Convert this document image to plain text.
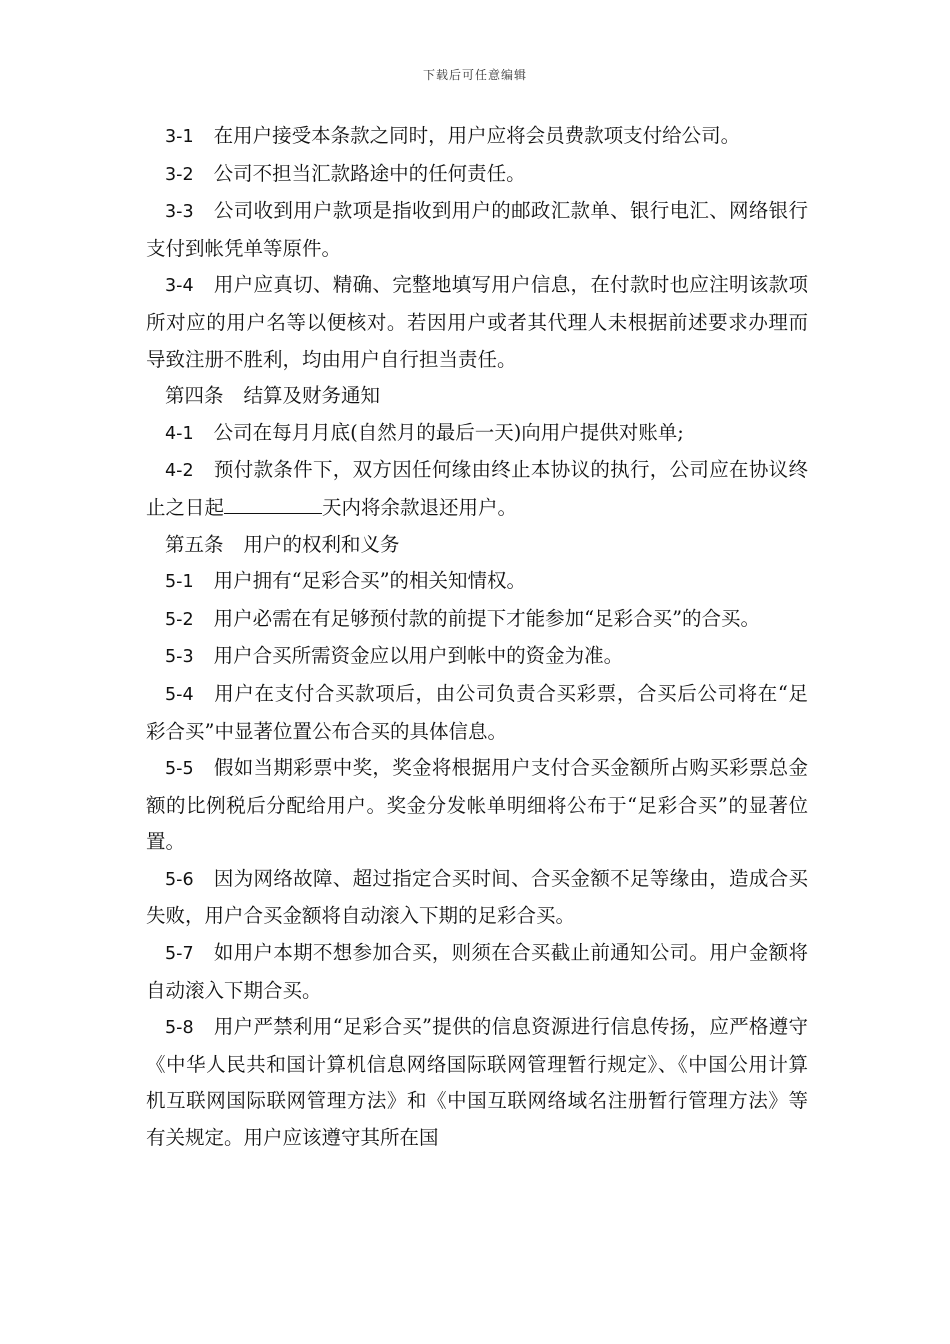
下载后可任意编辑

3-1 在用户接受本条款之同时，用户应将会员费款项支付给公司。

3-2 公司不担当汇款路途中的任何责任。

3-3 公司收到用户款项是指收到用户的邮政汇款单、银行电汇、网络银行支付到帐凭单等原件。

3-4 用户应真切、精确、完整地填写用户信息，在付款时也应注明该款项所对应的用户名等以便核对。若因用户或者其代理人未根据前述要求办理而导致注册不胜利，均由用户自行担当责任。

第四条 结算及财务通知

4-1 公司在每月月底(自然月的最后一天)向用户提供对账单;

4-2 预付款条件下，双方因任何缘由终止本协议的执行，公司应在协议终止之日起	天内将余款退还用户。

第五条 用户的权利和义务

5-1 用户拥有“足彩合买”的相关知情权。

5-2 用户必需在有足够预付款的前提下才能参加“足彩合买”的合买。

5-3 用户合买所需资金应以用户到帐中的资金为准。

5-4 用户在支付合买款项后，由公司负责合买彩票，合买后公司将在“足彩合买”中显著位置公布合买的具体信息。

5-5 假如当期彩票中奖，奖金将根据用户支付合买金额所占购买彩票总金额的比例税后分配给用户。奖金分发帐单明细将公布于“足彩合买”的显著位置。

5-6 因为网络故障、超过指定合买时间、合买金额不足等缘由，造成合买失败，用户合买金额将自动滚入下期的足彩合买。

5-7 如用户本期不想参加合买，则须在合买截止前通知公司。用户金额将自动滚入下期合买。

5-8 用户严禁利用“足彩合买”提供的信息资源进行信息传扬，应严格遵守《中华人民共和国计算机信息网络国际联网管理暂行规定》、《中国公用计算机互联网国际联网管理方法》和《中国互联网络域名注册暂行管理方法》等有关规定。用户应该遵守其所在国
